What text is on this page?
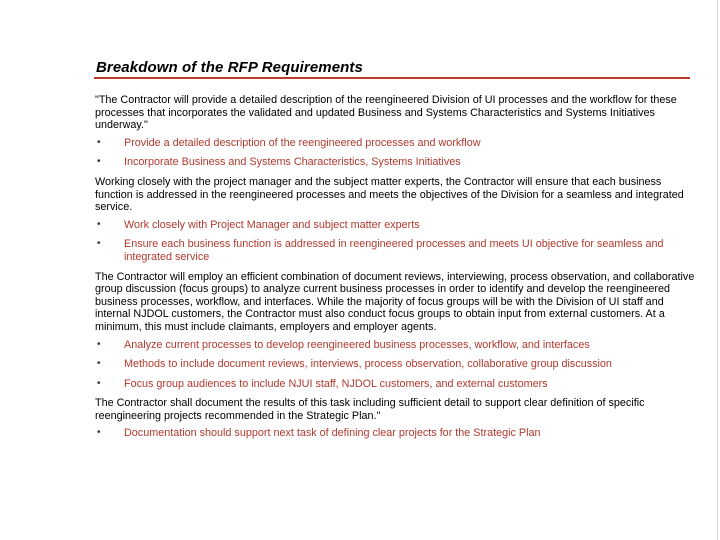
Breakdown of the RFP Requirements

"The Contractor will provide a detailed description of the reengineered Division of UI processes and the workflow for these processes that incorporates the validated and updated Business and Systems Characteristics and Systems Initiatives underway."

• Provide a detailed description of the reengineered processes and workflow
• Incorporate Business and Systems Characteristics, Systems Initiatives

Working closely with the project manager and the subject matter experts, the Contractor will ensure that each business function is addressed in the reengineered processes and meets the objectives of the Division for a seamless and integrated service.

• Work closely with Project Manager and subject matter experts
• Ensure each business function is addressed in reengineered processes and meets UI objective for seamless and integrated service

The Contractor will employ an efficient combination of document reviews, interviewing, process observation, and collaborative group discussion (focus groups) to analyze current business processes in order to identify and develop the reengineered business processes, workflow, and interfaces. While the majority of focus groups will be with the Division of UI staff and internal NJDOL customers, the Contractor must also conduct focus groups to obtain input from external customers. At a minimum, this must include claimants, employers and employer agents.

• Analyze current processes to develop reengineered business processes, workflow, and interfaces
• Methods to include document reviews, interviews, process observation, collaborative group discussion
• Focus group audiences to include NJUI staff, NJDOL customers, and external customers

The Contractor shall document the results of this task including sufficient detail to support clear definition of specific reengineering projects recommended in the Strategic Plan."

• Documentation should support next task of defining clear projects for the Strategic Plan
